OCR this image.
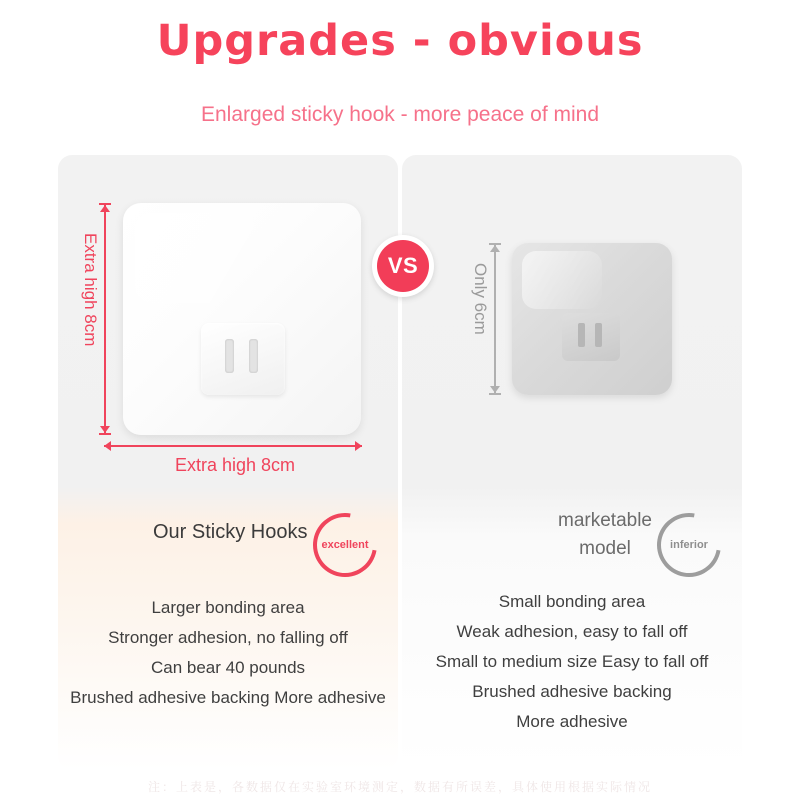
Upgrades - obvious
Enlarged sticky hook - more peace of mind
Extra high 8cm
Extra high 8cm
Our Sticky Hooks
excellent
Larger bonding area
Stronger adhesion, no falling off
Can bear 40 pounds
Brushed adhesive backing More adhesive
Only 6cm
marketable
model	inferior
Small bonding area
Weak adhesion, easy to fall off
Small to medium size Easy to fall off
Brushed adhesive backing
More adhesive
VS
注：上表是，各数据仅在实验室环境测定，数据有所误差，具体使用根据实际情况
